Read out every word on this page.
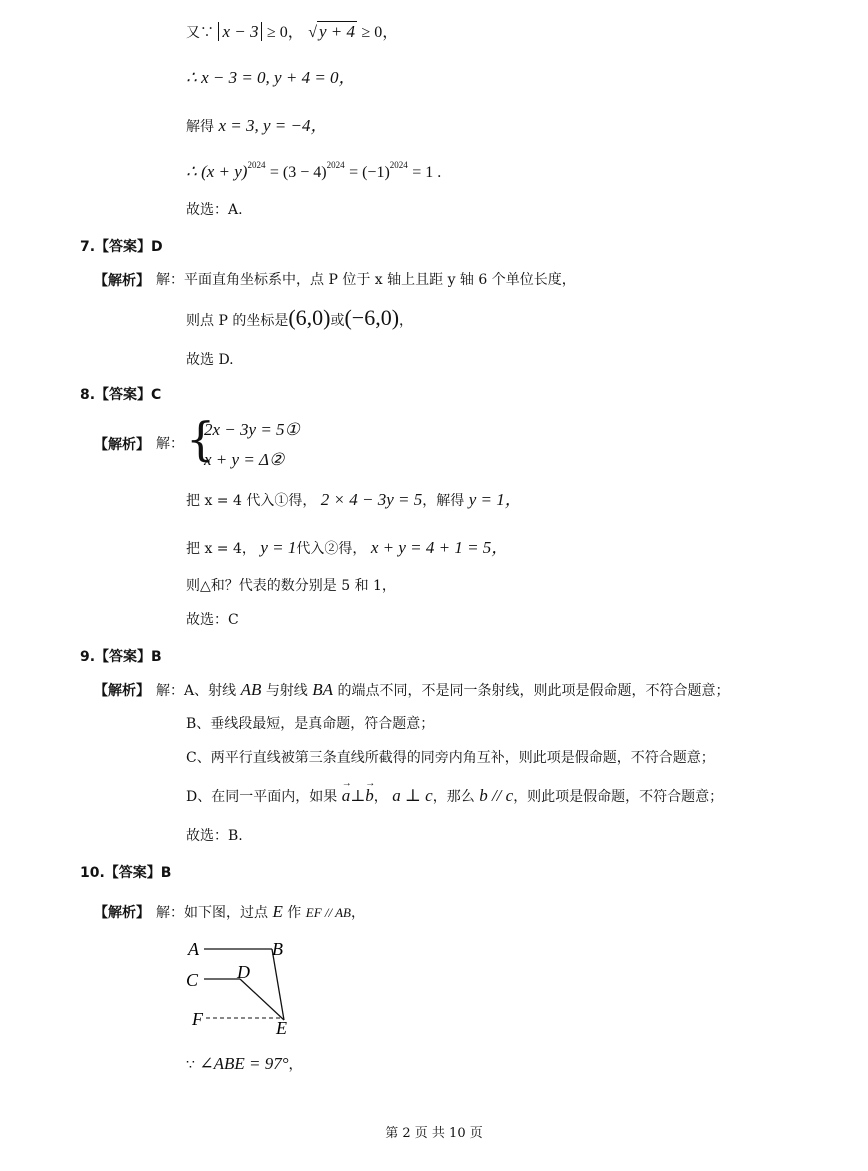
又∵ x − 3 ≥ 0， √ y + 4 ≥ 0，
∴ x − 3 = 0, y + 4 = 0，
解得 x = 3, y = −4，
∴ $(x + y)^{2024} = (3 - 4)^{2024} = (-1)^{2024} = 1$ .
故选：A.
7.【答案】D
【解析】 解：平面直角坐标系中，点 P 位于 x 轴上且距 y 轴 6 个单位长度，
则点 P 的坐标是(6,0)或(−6,0)，
故选 D.
8.【答案】C
【解析】 解： {
2x − 3y = 5①
x + y = Δ②
把 x = 4 代入①得， 2 × 4 − 3y = 5，解得 y = 1，
把 x = 4， y = 1代入②得， x + y = 4 + 1 = 5，
则△和？代表的数分别是 5 和 1，
故选：C
9.【答案】B
【解析】 解：A、射线 AB 与射线 BA 的端点不同，不是同一条射线，则此项是假命题，不符合题意；
B、垂线段最短，是真命题，符合题意；
C、两平行直线被第三条直线所截得的同旁内角互补，则此项是假命题，不符合题意；
D、在同一平面内，如果 → a⊥→ b， a ⊥ c，那么 b // c，则此项是假命题，不符合题意；
故选：B.
10.【答案】B
【解析】 解：如下图，过点 E 作 EF // AB，
A	B
C D
F	E
∵ ∠ABE = 97°，
第 2 页 共 10 页
